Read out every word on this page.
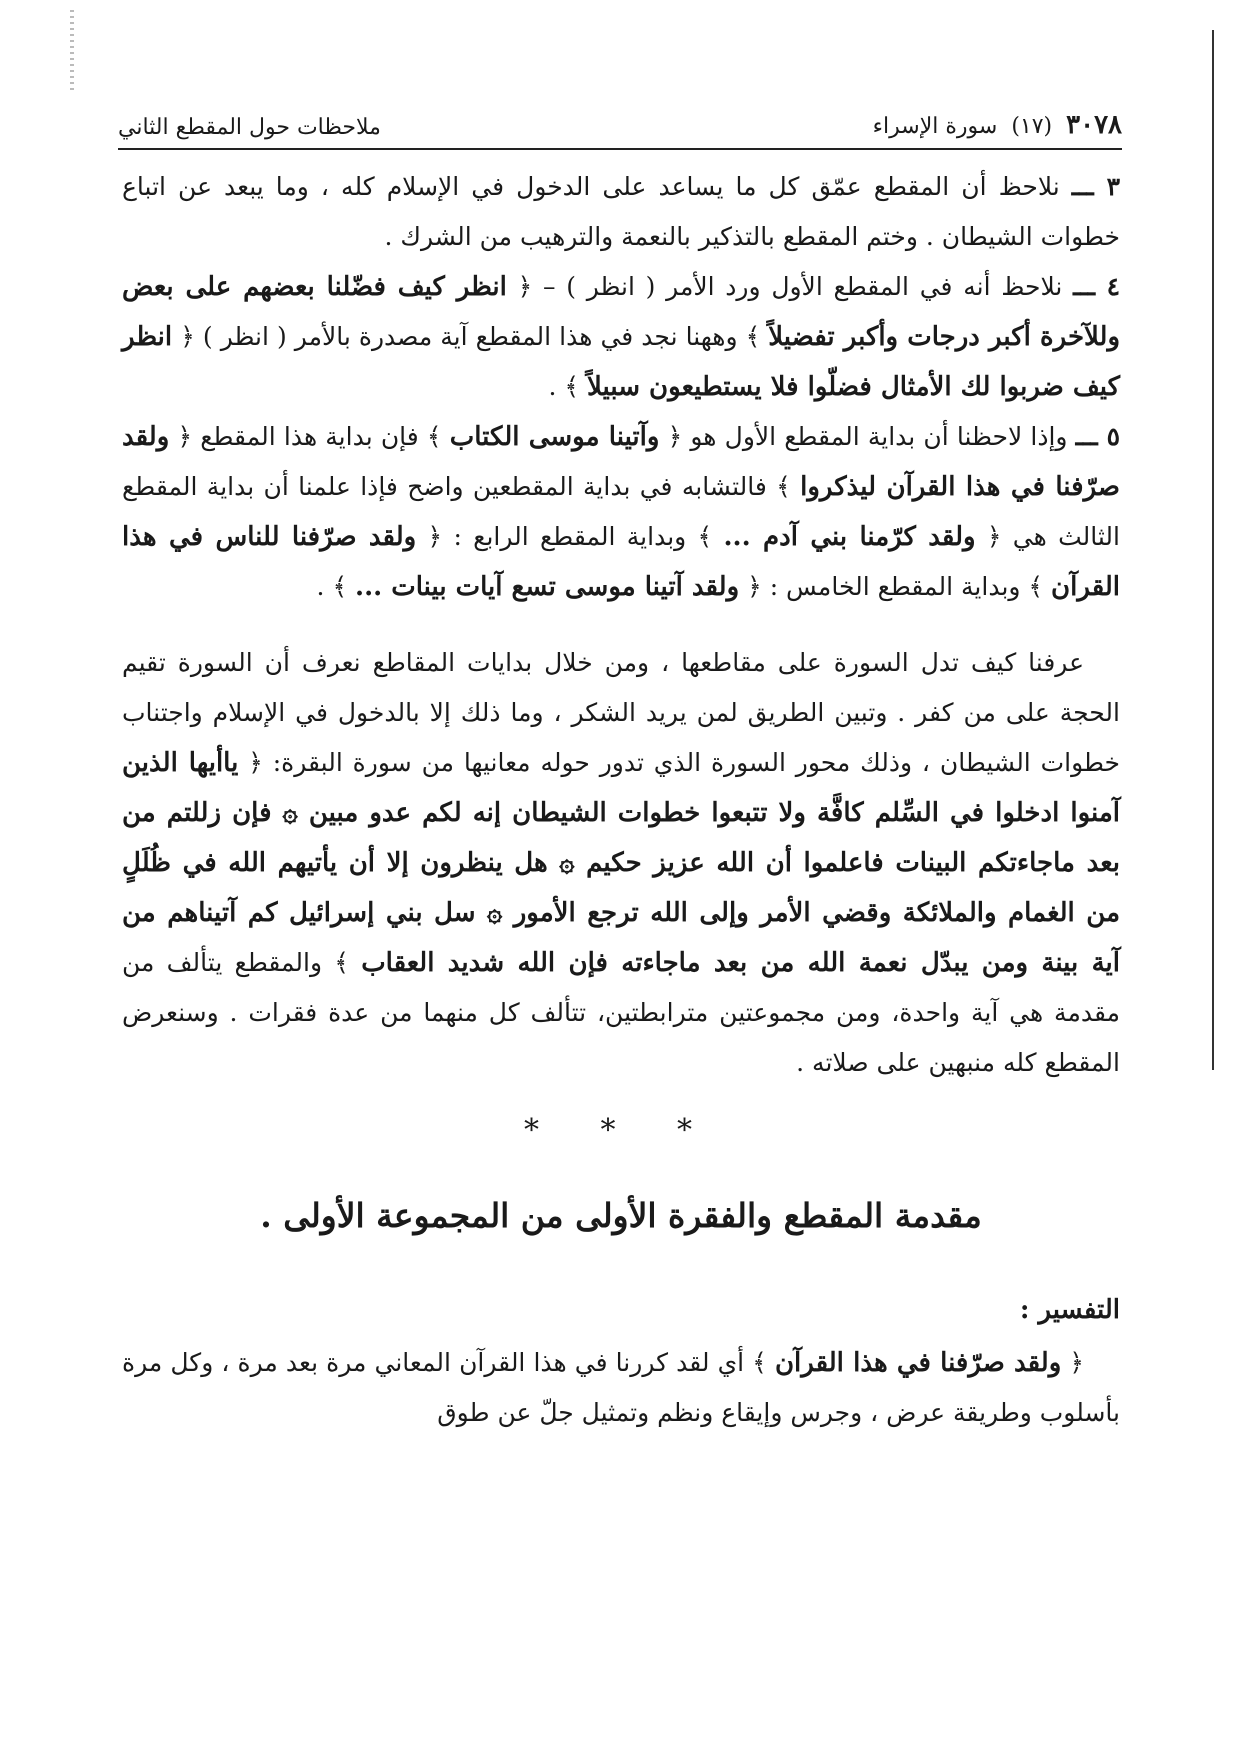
٣٠٧٨
(١٧)
سورة الإسراء
ملاحظات حول المقطع الثاني

٣ ـــ نلاحظ أن المقطع عمّق كل ما يساعد على الدخول في الإسلام كله ، وما يبعد عن اتباع خطوات الشيطان . وختم المقطع بالتذكير بالنعمة والترهيب من الشرك .

٤ ـــ نلاحظ أنه في المقطع الأول ورد الأمر ( انظر ) – ﴿ انظر كيف فضّلنا بعضهم على بعض وللآخرة أكبر درجات وأكبر تفضيلاً ﴾ وههنا نجد في هذا المقطع آية مصدرة بالأمر ( انظر ) ﴿ انظر كيف ضربوا لك الأمثال فضلّوا فلا يستطيعون سبيلاً ﴾ .

٥ ـــ وإذا لاحظنا أن بداية المقطع الأول هو ﴿ وآتينا موسى الكتاب ﴾ فإن بداية هذا المقطع ﴿ ولقد صرّفنا في هذا القرآن ليذكروا ﴾ فالتشابه في بداية المقطعين واضح فإذا علمنا أن بداية المقطع الثالث هي ﴿ ولقد كرّمنا بني آدم ... ﴾ وبداية المقطع الرابع : ﴿ ولقد صرّفنا للناس في هذا القرآن ﴾ وبداية المقطع الخامس : ﴿ ولقد آتينا موسى تسع آيات بينات ... ﴾ .

عرفنا كيف تدل السورة على مقاطعها ، ومن خلال بدايات المقاطع نعرف أن السورة تقيم الحجة على من كفر . وتبين الطريق لمن يريد الشكر ، وما ذلك إلا بالدخول في الإسلام واجتناب خطوات الشيطان ، وذلك محور السورة الذي تدور حوله معانيها من سورة البقرة: ﴿ ياأيها الذين آمنوا ادخلوا في السِّلم كافَّة ولا تتبعوا خطوات الشيطان إنه لكم عدو مبين ۞ فإن زللتم من بعد ماجاءتكم البينات فاعلموا أن الله عزيز حكيم ۞ هل ينظرون إلا أن يأتيهم الله في ظُلَلٍ من الغمام والملائكة وقضي الأمر وإلى الله ترجع الأمور ۞ سل بني إسرائيل كم آتيناهم من آية بينة ومن يبدّل نعمة الله من بعد ماجاءته فإن الله شديد العقاب ﴾ والمقطع يتألف من مقدمة هي آية واحدة، ومن مجموعتين مترابطتين، تتألف كل منهما من عدة فقرات . وسنعرض المقطع كله منبهين على صلاته .

* * *
مقدمة المقطع والفقرة الأولى من المجموعة الأولى .
التفسير :

﴿ ولقد صرّفنا في هذا القرآن ﴾ أي لقد كررنا في هذا القرآن المعاني مرة بعد مرة ، وكل مرة بأسلوب وطريقة عرض ، وجرس وإيقاع ونظم وتمثيل جلّ عن طوق
